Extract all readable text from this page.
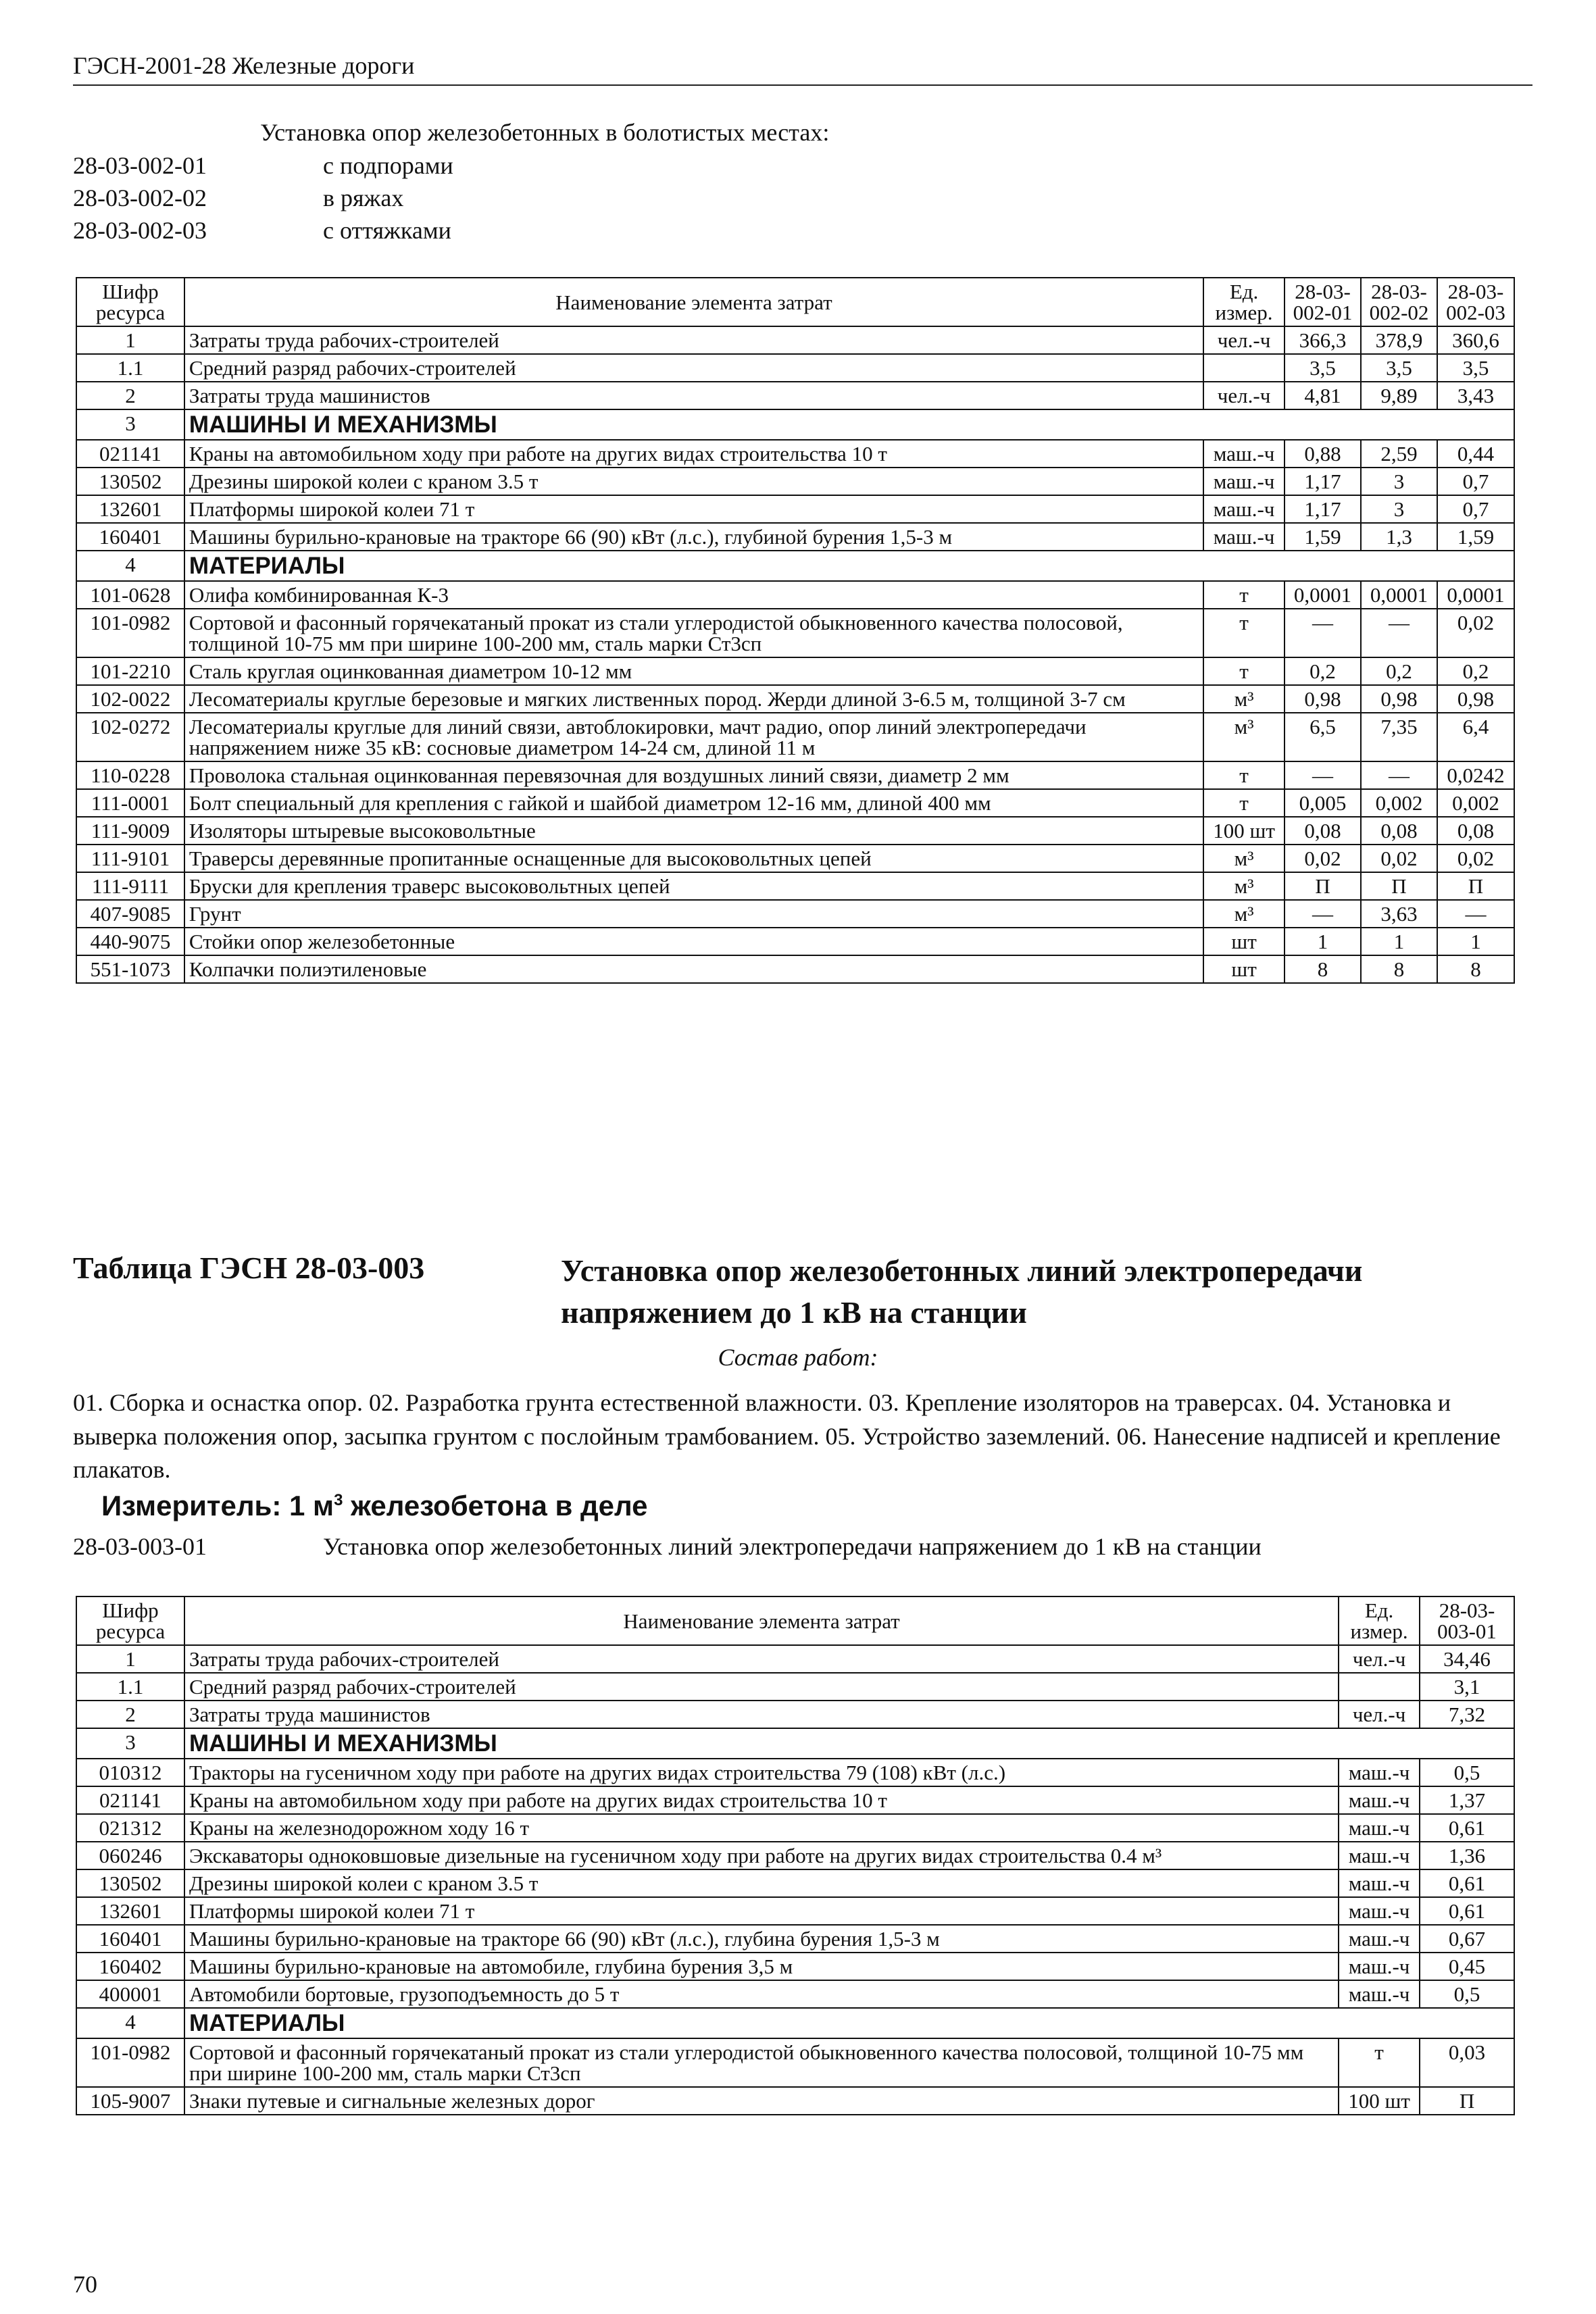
ГЭСН-2001-28 Железные дороги
Установка опор железобетонных в болотистых местах:
28-03-002-01	с подпорами
28-03-002-02	в ряжах
28-03-002-03	с оттяжками
Шифр ресурса	Наименование элемента затрат	Ед. измер.	28-03-002-01	28-03-002-02	28-03-002-03
1	Затраты труда рабочих-строителей	чел.-ч	366,3	378,9	360,6
1.1	Средний разряд рабочих-строителей		3,5	3,5	3,5
2	Затраты труда машинистов	чел.-ч	4,81	9,89	3,43
3	МАШИНЫ И МЕХАНИЗМЫ				
021141	Краны на автомобильном ходу при работе на других видах строительства 10 т	маш.-ч	0,88	2,59	0,44
130502	Дрезины широкой колеи с краном 3.5 т	маш.-ч	1,17	3	0,7
132601	Платформы широкой колеи 71 т	маш.-ч	1,17	3	0,7
160401	Машины бурильно-крановые на тракторе 66 (90) кВт (л.с.), глубиной бурения 1,5-3 м	маш.-ч	1,59	1,3	1,59
4	МАТЕРИАЛЫ				
101-0628	Олифа комбинированная К-3	т	0,0001	0,0001	0,0001
101-0982	Сортовой и фасонный горячекатаный прокат из стали углеродистой обыкновенного качества полосовой, толщиной 10-75 мм при ширине 100-200 мм, сталь марки Ст3сп	т	—	—	0,02
101-2210	Сталь круглая оцинкованная диаметром 10-12 мм	т	0,2	0,2	0,2
102-0022	Лесоматериалы круглые березовые и мягких лиственных пород. Жерди длиной 3-6.5 м, толщиной 3-7 см	м³	0,98	0,98	0,98
102-0272	Лесоматериалы круглые для линий связи, автоблокировки, мачт радио, опор линий электропередачи напряжением ниже 35 кВ: сосновые диаметром 14-24 см, длиной 11 м	м³	6,5	7,35	6,4
110-0228	Проволока стальная оцинкованная перевязочная для воздушных линий связи, диаметр 2 мм	т	—	—	0,0242
111-0001	Болт специальный для крепления с гайкой и шайбой диаметром 12-16 мм, длиной 400 мм	т	0,005	0,002	0,002
111-9009	Изоляторы штыревые высоковольтные	100 шт	0,08	0,08	0,08
111-9101	Траверсы деревянные пропитанные оснащенные для высоковольтных цепей	м³	0,02	0,02	0,02
111-9111	Бруски для крепления траверс высоковольтных цепей	м³	П	П	П
407-9085	Грунт	м³	—	3,63	—
440-9075	Стойки опор железобетонные	шт	1	1	1
551-1073	Колпачки полиэтиленовые	шт	8	8	8
Таблица ГЭСН 28-03-003	Установка опор железобетонных линий электропередачи напряжением до 1 кВ на станции
Состав работ:
01. Сборка и оснастка опор. 02. Разработка грунта естественной влажности. 03. Крепление изоляторов на траверсах. 04. Установка и выверка положения опор, засыпка грунтом с послойным трамбованием. 05. Устройство заземлений. 06. Нанесение надписей и крепление плакатов.
Измеритель: 1 $м^3$ железобетона в деле
28-03-003-01	Установка опор железобетонных линий электропередачи напряжением до 1 кВ на станции
Шифр ресурса	Наименование элемента затрат	Ед. измер.	28-03-003-01
1	Затраты труда рабочих-строителей	чел.-ч	34,46
1.1	Средний разряд рабочих-строителей		3,1
2	Затраты труда машинистов	чел.-ч	7,32
3	МАШИНЫ И МЕХАНИЗМЫ		
010312	Тракторы на гусеничном ходу при работе на других видах строительства 79 (108) кВт (л.с.)	маш.-ч	0,5
021141	Краны на автомобильном ходу при работе на других видах строительства 10 т	маш.-ч	1,37
021312	Краны на железнодорожном ходу 16 т	маш.-ч	0,61
060246	Экскаваторы одноковшовые дизельные на гусеничном ходу при работе на других видах строительства 0.4 м³	маш.-ч	1,36
130502	Дрезины широкой колеи с краном 3.5 т	маш.-ч	0,61
132601	Платформы широкой колеи 71 т	маш.-ч	0,61
160401	Машины бурильно-крановые на тракторе 66 (90) кВт (л.с.), глубина бурения 1,5-3 м	маш.-ч	0,67
160402	Машины бурильно-крановые на автомобиле, глубина бурения 3,5 м	маш.-ч	0,45
400001	Автомобили бортовые, грузоподъемность до 5 т	маш.-ч	0,5
4	МАТЕРИАЛЫ		
101-0982	Сортовой и фасонный горячекатаный прокат из стали углеродистой обыкновенного качества полосовой, толщиной 10-75 мм при ширине 100-200 мм, сталь марки Ст3сп	т	0,03
105-9007	Знаки путевые и сигнальные железных дорог	100 шт	П
70
